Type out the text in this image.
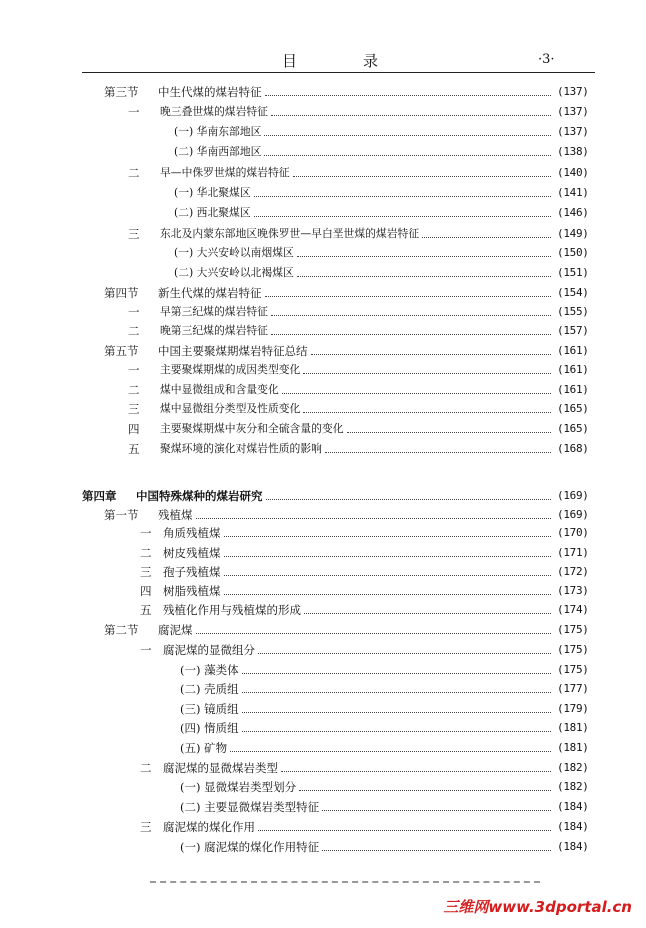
目	录	·3·
第三节 中生代煤的煤岩特征	(137)
一 晚三叠世煤的煤岩特征	(137)
(一) 华南东部地区	(137)
(二) 华南西部地区	(138)
二 早—中侏罗世煤的煤岩特征	(140)
(一) 华北聚煤区	(141)
(二) 西北聚煤区	(146)
三 东北及内蒙东部地区晚侏罗世—早白垩世煤的煤岩特征	(149)
(一) 大兴安岭以南烟煤区	(150)
(二) 大兴安岭以北褐煤区	(151)
第四节 新生代煤的煤岩特征	(154)
一 早第三纪煤的煤岩特征	(155)
二 晚第三纪煤的煤岩特征	(157)
第五节 中国主要聚煤期煤岩特征总结	(161)
一 主要聚煤期煤的成因类型变化	(161)
二 煤中显微组成和含量变化	(161)
三 煤中显微组分类型及性质变化	(165)
四 主要聚煤期煤中灰分和全硫含量的变化	(165)
五 聚煤环境的演化对煤岩性质的影响	(168)
第四章 中国特殊煤种的煤岩研究	(169)
第一节 残植煤	(169)
一 角质残植煤	(170)
二 树皮残植煤	(171)
三 孢子残植煤	(172)
四 树脂残植煤	(173)
五 残植化作用与残植煤的形成	(174)
第二节 腐泥煤	(175)
一 腐泥煤的显微组分	(175)
(一) 藻类体	(175)
(二) 壳质组	(177)
(三) 镜质组	(179)
(四) 惰质组	(181)
(五) 矿物	(181)
二 腐泥煤的显微煤岩类型	(182)
(一) 显微煤岩类型划分	(182)
(二) 主要显微煤岩类型特征	(184)
三 腐泥煤的煤化作用	(184)
(一) 腐泥煤的煤化作用特征	(184)
三维网www.3dportal.cn
